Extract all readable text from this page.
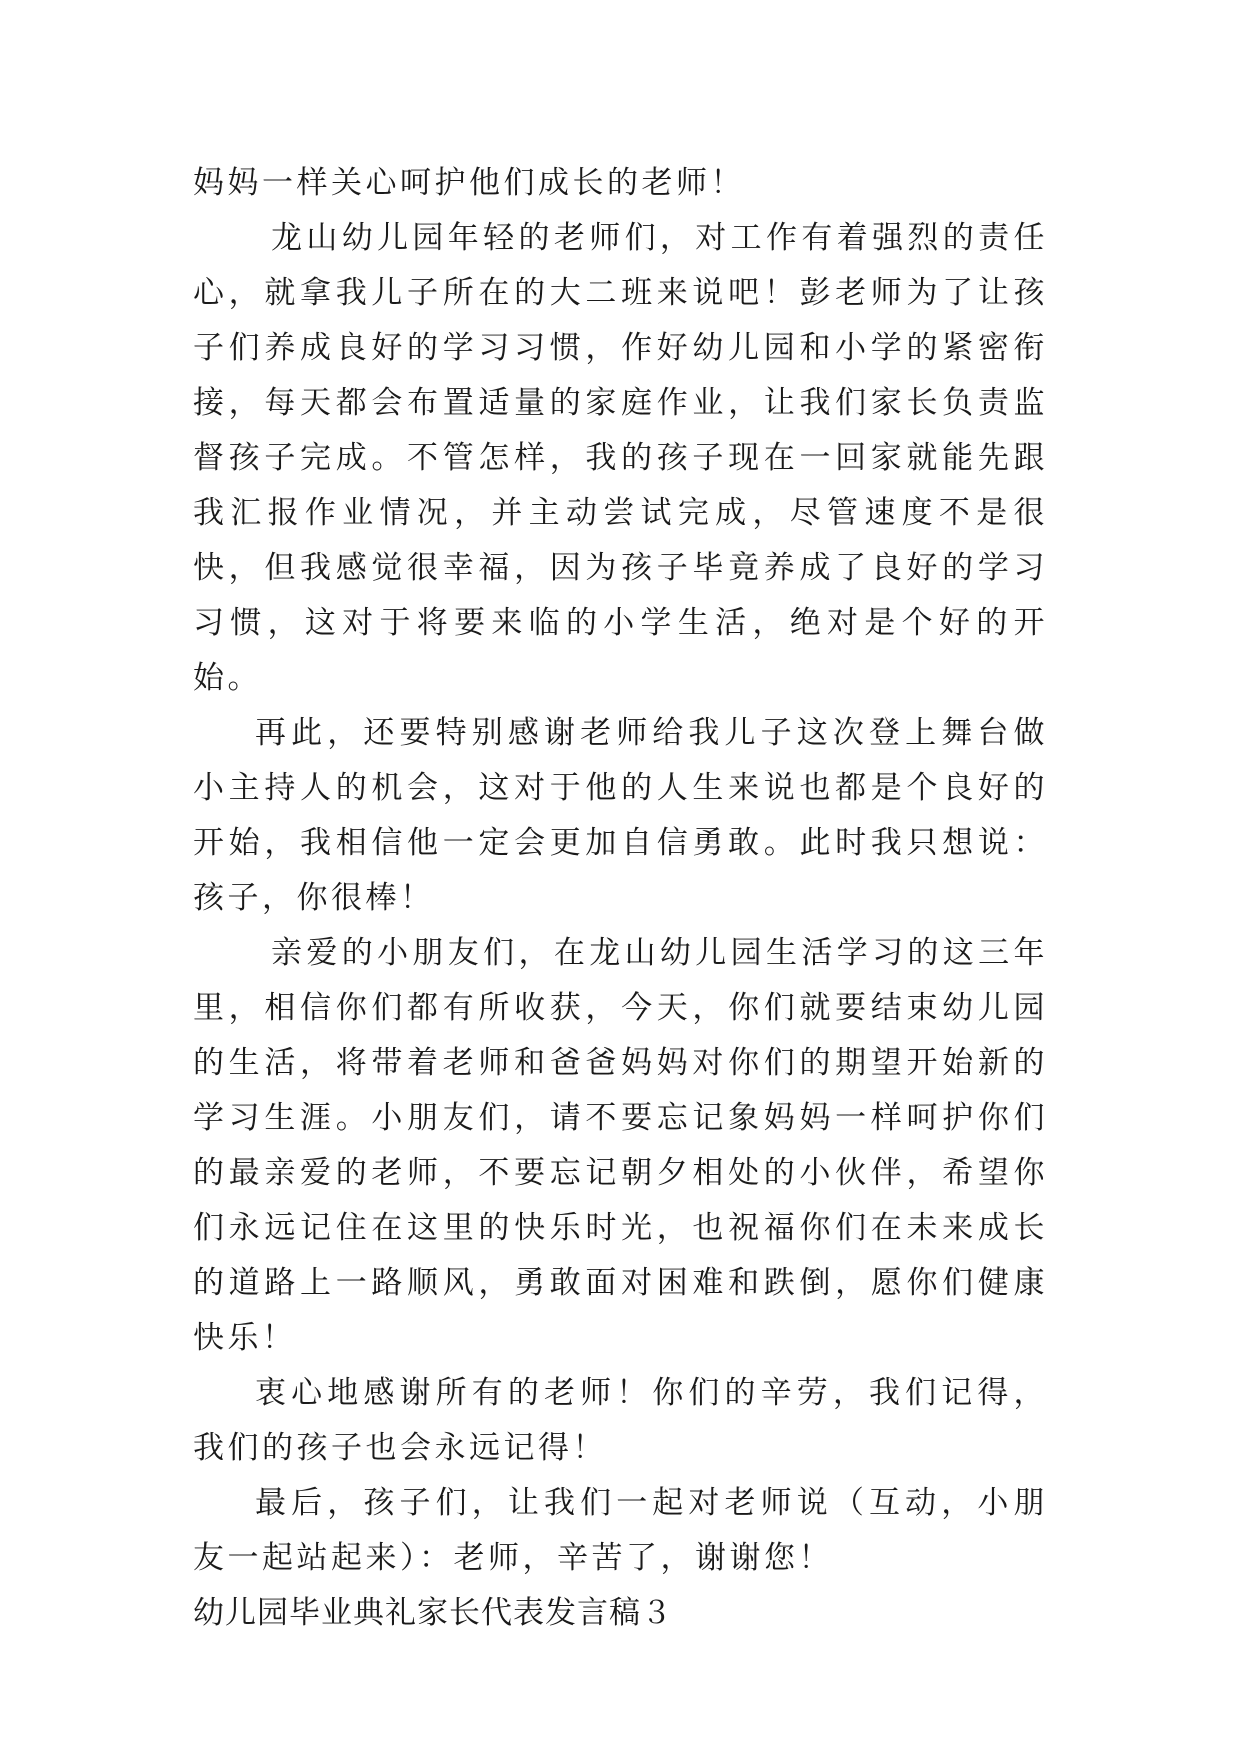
妈妈一样关心呵护他们成长的老师！

龙山幼儿园年轻的老师们，对工作有着强烈的责任心，就拿我儿子所在的大二班来说吧！彭老师为了让孩子们养成良好的学习习惯，作好幼儿园和小学的紧密衔接，每天都会布置适量的家庭作业，让我们家长负责监督孩子完成。不管怎样，我的孩子现在一回家就能先跟我汇报作业情况，并主动尝试完成，尽管速度不是很快，但我感觉很幸福，因为孩子毕竟养成了良好的学习习惯，这对于将要来临的小学生活，绝对是个好的开始。

再此，还要特别感谢老师给我儿子这次登上舞台做小主持人的机会，这对于他的人生来说也都是个良好的开始，我相信他一定会更加自信勇敢。此时我只想说：孩子，你很棒！

亲爱的小朋友们，在龙山幼儿园生活学习的这三年里，相信你们都有所收获，今天，你们就要结束幼儿园的生活，将带着老师和爸爸妈妈对你们的期望开始新的学习生涯。小朋友们，请不要忘记象妈妈一样呵护你们的最亲爱的老师，不要忘记朝夕相处的小伙伴，希望你们永远记住在这里的快乐时光，也祝福你们在未来成长的道路上一路顺风，勇敢面对困难和跌倒，愿你们健康快乐！

衷心地感谢所有的老师！你们的辛劳，我们记得，我们的孩子也会永远记得！

最后，孩子们，让我们一起对老师说（互动，小朋友一起站起来）：老师，辛苦了，谢谢您！

幼儿园毕业典礼家长代表发言稿３
